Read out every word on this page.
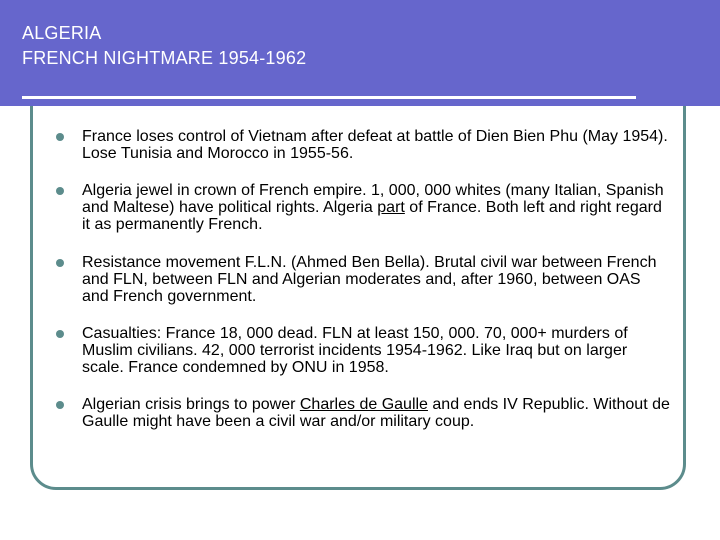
ALGERIA
FRENCH NIGHTMARE 1954-1962
France loses control of Vietnam after defeat at battle of Dien Bien Phu (May 1954). Lose Tunisia and Morocco in 1955-56.
Algeria jewel in crown of French empire. 1, 000, 000 whites (many Italian, Spanish and Maltese) have political rights. Algeria part of France. Both left and right regard it as permanently French.
Resistance movement F.L.N. (Ahmed Ben Bella). Brutal civil war between French and FLN, between FLN and Algerian moderates and, after 1960, between OAS and French government.
Casualties: France 18, 000 dead. FLN at least 150, 000. 70, 000+ murders of Muslim civilians. 42, 000 terrorist incidents 1954-1962. Like Iraq but on larger scale. France condemned by ONU in 1958.
Algerian crisis brings to power Charles de Gaulle and ends IV Republic. Without de Gaulle might have been a civil war and/or military coup.
